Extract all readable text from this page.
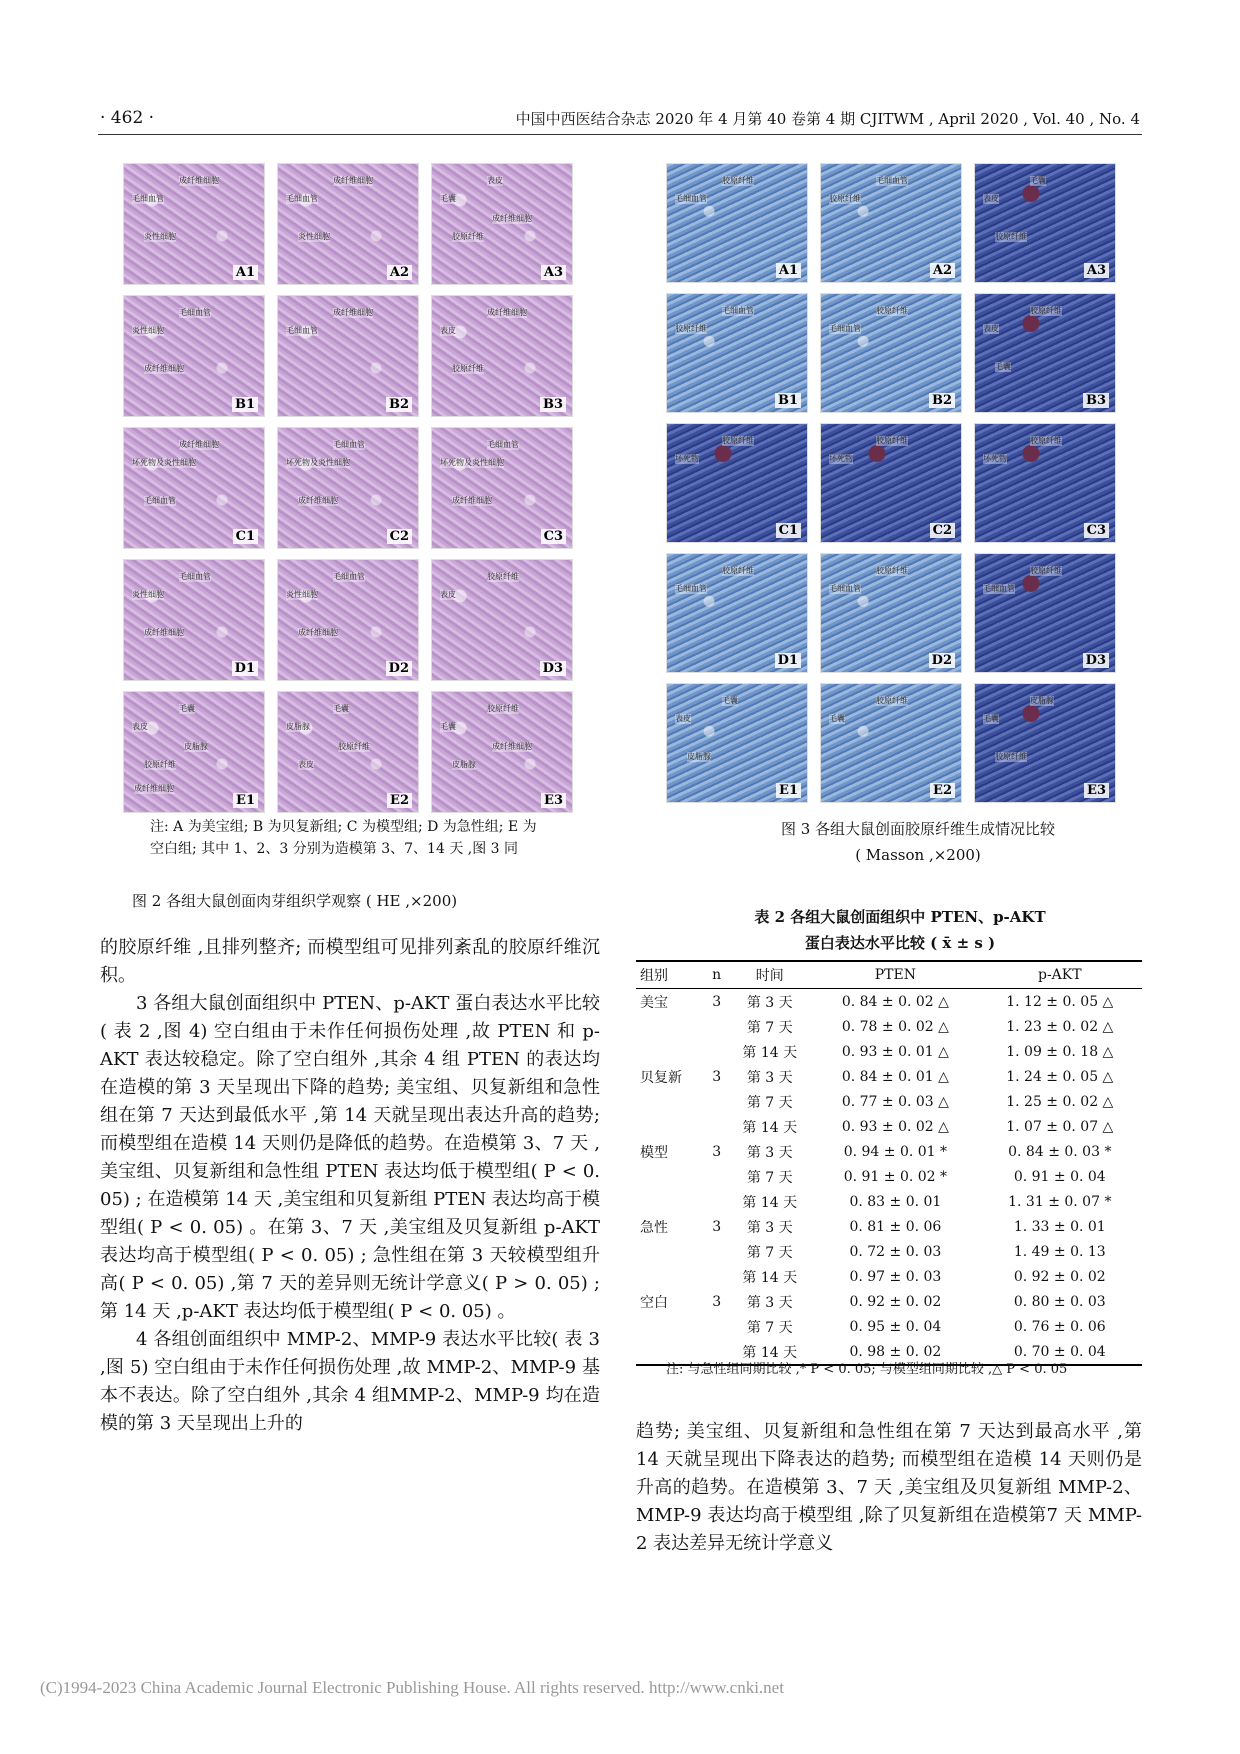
· 462 ·	中国中西医结合杂志 2020 年 4 月第 40 卷第 4 期 CJITWM , April 2020 , Vol. 40 , No. 4
毛细血管
成纤维细胞
炎性细胞
A1
毛细血管
成纤维细胞
炎性细胞
A2
毛囊
表皮
胶原纤维
成纤维细胞
A3
炎性细胞
毛细血管
成纤维细胞
B1
毛细血管
成纤维细胞
B2
表皮
成纤维细胞
胶原纤维
B3
坏死物及炎性细胞
成纤维细胞
毛细血管
C1
坏死物及炎性细胞
毛细血管
成纤维细胞
C2
坏死物及炎性细胞
毛细血管
成纤维细胞
C3
炎性细胞
毛细血管
成纤维细胞
D1
炎性细胞
毛细血管
成纤维细胞
D2
表皮
胶原纤维
D3
表皮
毛囊
胶原纤维
皮脂腺
成纤维细胞
E1
皮脂腺
毛囊
表皮
胶原纤维
E2
毛囊
胶原纤维
皮脂腺
成纤维细胞
E3
毛细血管
胶原纤维
A1
胶原纤维
毛细血管
A2
表皮
毛囊
胶原纤维
A3
胶原纤维
毛细血管
B1
毛细血管
胶原纤维
B2
表皮
胶原纤维
毛囊
B3
坏死物
胶原纤维
C1
坏死物
胶原纤维
C2
坏死物
胶原纤维
C3
毛细血管
胶原纤维
D1
毛细血管
胶原纤维
D2
毛细血管
胶原纤维
D3
表皮
毛囊
皮脂腺
E1
毛囊
胶原纤维
E2
毛囊
皮脂腺
胶原纤维
E3
注: A 为美宝组; B 为贝复新组; C 为模型组; D 为急性组; E 为空白组; 其中 1、2、3 分别为造模第 3、7、14 天 ,图 3 同
图 2 各组大鼠创面肉芽组织学观察 ( HE ,×200)
图 3 各组大鼠创面胶原纤维生成情况比较
( Masson ,×200)
表 2 各组大鼠创面组织中 PTEN、p-AKT
蛋白表达水平比较 ( x̄ ± s )
组别	n	时间	PTEN	p-AKT
美宝	3	第 3 天	0. 84 ± 0. 02 △	1. 12 ± 0. 05 △
		第 7 天	0. 78 ± 0. 02 △	1. 23 ± 0. 02 △
		第 14 天	0. 93 ± 0. 01 △	1. 09 ± 0. 18 △
贝复新	3	第 3 天	0. 84 ± 0. 01 △	1. 24 ± 0. 05 △
		第 7 天	0. 77 ± 0. 03 △	1. 25 ± 0. 02 △
		第 14 天	0. 93 ± 0. 02 △	1. 07 ± 0. 07 △
模型	3	第 3 天	0. 94 ± 0. 01 *	0. 84 ± 0. 03 *
		第 7 天	0. 91 ± 0. 02 *	0. 91 ± 0. 04
		第 14 天	0. 83 ± 0. 01	1. 31 ± 0. 07 *
急性	3	第 3 天	0. 81 ± 0. 06	1. 33 ± 0. 01
		第 7 天	0. 72 ± 0. 03	1. 49 ± 0. 13
		第 14 天	0. 97 ± 0. 03	0. 92 ± 0. 02
空白	3	第 3 天	0. 92 ± 0. 02	0. 80 ± 0. 03
		第 7 天	0. 95 ± 0. 04	0. 76 ± 0. 06
		第 14 天	0. 98 ± 0. 02	0. 70 ± 0. 04
注: 与急性组同期比较 ,* P < 0. 05; 与模型组同期比较 ,△ P < 0. 05

的胶原纤维 ,且排列整齐; 而模型组可见排列紊乱的胶原纤维沉积。

3 各组大鼠创面组织中 PTEN、p-AKT 蛋白表达水平比较( 表 2 ,图 4) 空白组由于未作任何损伤处理 ,故 PTEN 和 p-AKT 表达较稳定。除了空白组外 ,其余 4 组 PTEN 的表达均在造模的第 3 天呈现出下降的趋势; 美宝组、贝复新组和急性组在第 7 天达到最低水平 ,第 14 天就呈现出表达升高的趋势; 而模型组在造模 14 天则仍是降低的趋势。在造模第 3、7 天 ,美宝组、贝复新组和急性组 PTEN 表达均低于模型组( P < 0. 05) ; 在造模第 14 天 ,美宝组和贝复新组 PTEN 表达均高于模型组( P < 0. 05) 。在第 3、7 天 ,美宝组及贝复新组 p-AKT 表达均高于模型组( P < 0. 05) ; 急性组在第 3 天较模型组升高( P < 0. 05) ,第 7 天的差异则无统计学意义( P > 0. 05) ; 第 14 天 ,p-AKT 表达均低于模型组( P < 0. 05) 。

4 各组创面组织中 MMP-2、MMP-9 表达水平比较( 表 3 ,图 5) 空白组由于未作任何损伤处理 ,故 MMP-2、MMP-9 基本不表达。除了空白组外 ,其余 4 组MMP-2、MMP-9 均在造模的第 3 天呈现出上升的	趋势; 美宝组、贝复新组和急性组在第 7 天达到最高水平 ,第 14 天就呈现出下降表达的趋势; 而模型组在造模 14 天则仍是升高的趋势。在造模第 3、7 天 ,美宝组及贝复新组 MMP-2、MMP-9 表达均高于模型组 ,除了贝复新组在造模第7 天 MMP-2 表达差异无统计学意义

(C)1994-2023 China Academic Journal Electronic Publishing House. All rights reserved. http://www.cnki.net
